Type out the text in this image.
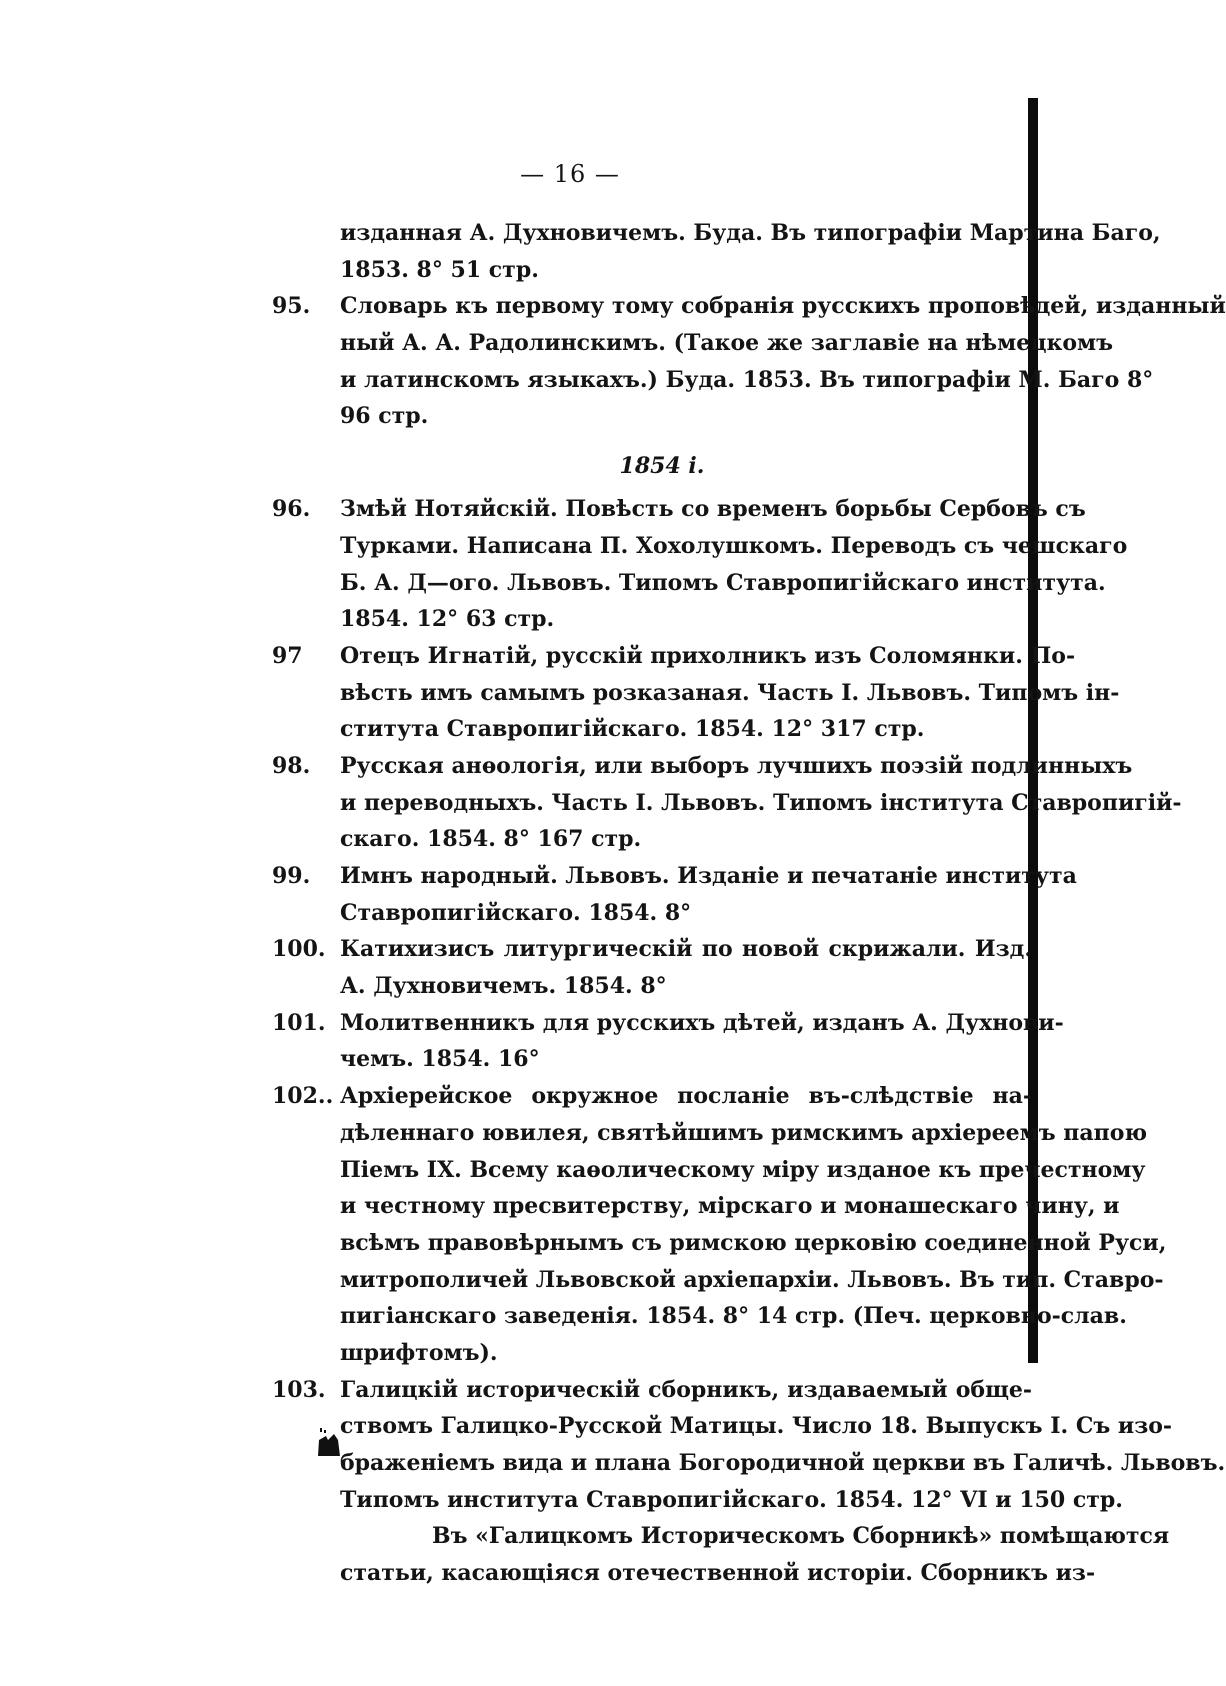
— 16 —
изданная А. Духновичемъ. Буда. Въ типографіи Мартина Баго,
1853. 8° 51 стр.
95. Словарь къ первому тому собранія русскихъ проповѣдей, изданный
ный А. А. Радолинскимъ. (Такое же заглавіе на нѣмецкомъ
и латинскомъ языкахъ.) Буда. 1853. Въ типографіи М. Баго 8°
96 стр.
1854 і.
96. Змѣй Нотяйскій. Повѣсть со временъ борьбы Сербовъ съ
Турками. Написана П. Хохолушкомъ. Переводъ съ чешскаго
Б. А. Д—ого. Львовъ. Типомъ Ставропигійскаго института.
1854. 12° 63 стр.
97 Отецъ Игнатій, русскій прихолникъ изъ Соломянки. По-
вѣсть имъ самымъ розказаная. Часть I. Львовъ. Типомъ ін-
ститута Ставропигійскаго. 1854. 12° 317 стр.
98. Русская анѳологія, или выборъ лучшихъ поэзій подлинныхъ
и переводныхъ. Часть I. Львовъ. Типомъ інститута Ставропигій-
скаго. 1854. 8° 167 стр.
99. Имнъ народный. Львовъ. Изданіе и печатаніе института
Ставропигійскаго. 1854. 8°
100. Катихизисъ литургическій по новой скрижали. Изд.
А. Духновичемъ. 1854. 8°
101. Молитвенникъ для русскихъ дѣтей, изданъ А. Духнови-
чемъ. 1854. 16°
102.. Архіерейское окружное посланіе въ-слѣдствіе на-
дѣленнаго ювилея, святѣйшимъ римскимъ архіереемъ папою
Піемъ IX. Всему каѳолическому міру изданое къ пречестному
и честному пресвитерству, мірскаго и монашескаго чину, и
всѣмъ правовѣрнымъ съ римскою церковію соединенной Руси,
митрополичей Львовской архіепархіи. Львовъ. Въ тип. Ставро-
пигіанскаго заведенія. 1854. 8° 14 стр. (Печ. церковно-слав.
шрифтомъ).
103. Галицкій историческій сборникъ, издаваемый обще-
ствомъ Галицко-Русской Матицы. Число 18. Выпускъ I. Съ изо-
браженіемъ вида и плана Богородичной церкви въ Галичѣ. Львовъ.
Типомъ института Ставропигійскаго. 1854. 12° VI и 150 стр.
Въ «Галицкомъ Историческомъ Сборникѣ» помѣщаются
статьи, касающіяся отечественной исторіи. Сборникъ из-
